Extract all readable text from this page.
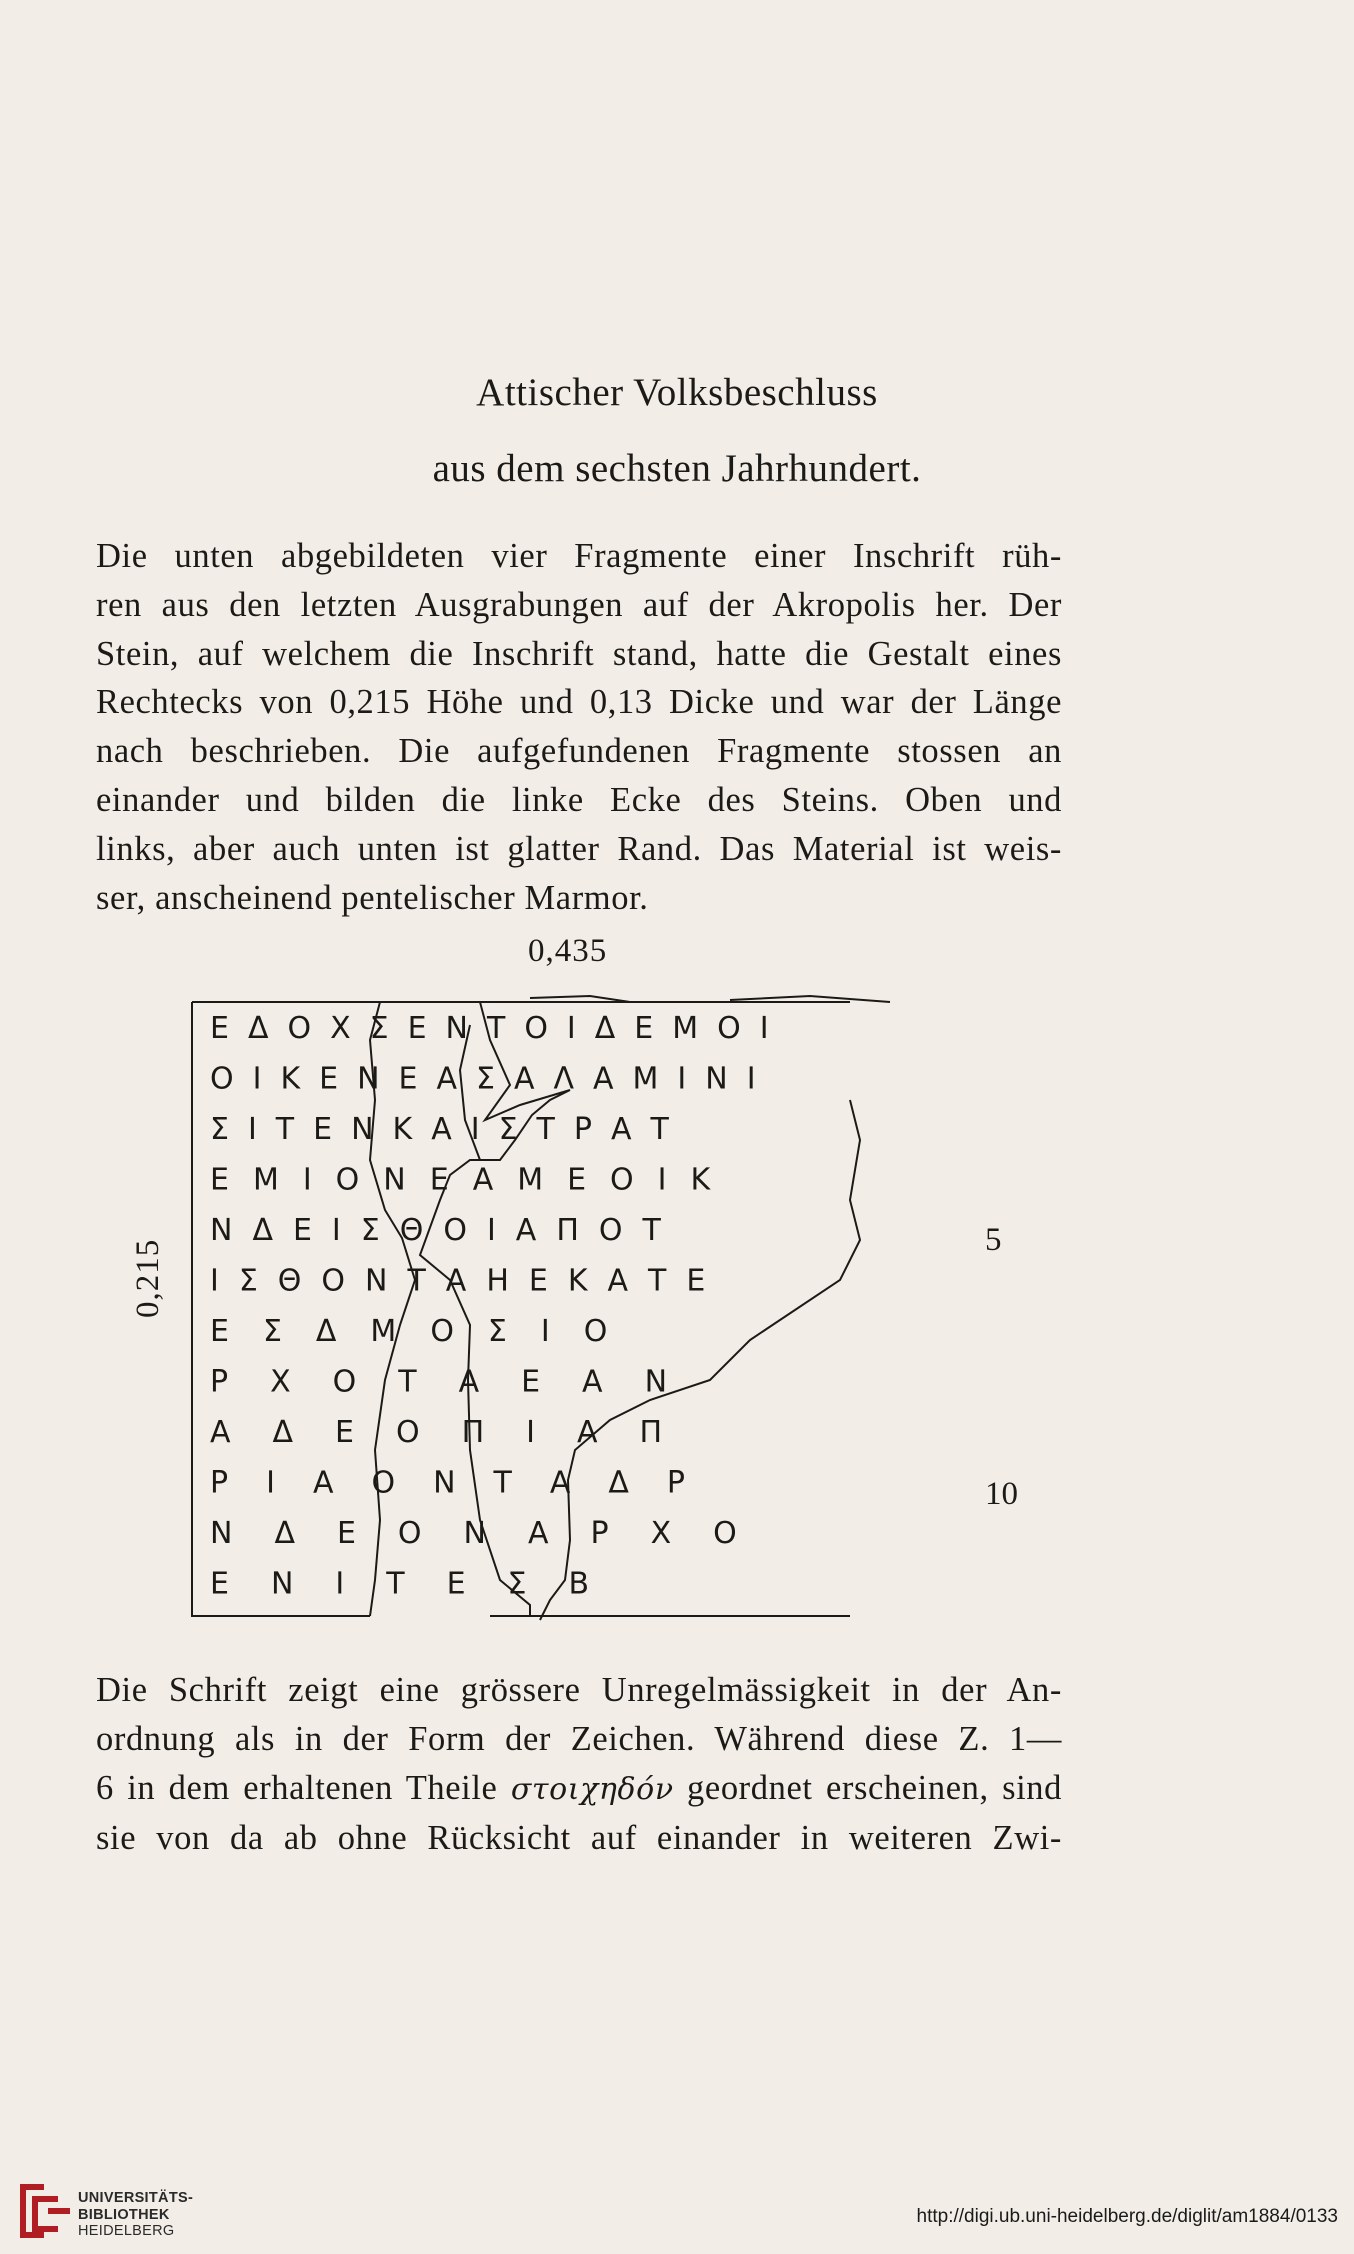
Attischer Volksbeschluss
aus dem sechsten Jahrhundert.
Die unten abgebildeten vier Fragmente einer Inschrift rüh-
ren aus den letzten Ausgrabungen auf der Akropolis her. Der
Stein, auf welchem die Inschrift stand, hatte die Gestalt eines
Rechtecks von 0,215 Höhe und 0,13 Dicke und war der Länge
nach beschrieben. Die aufgefundenen Fragmente stossen an
einander und bilden die linke Ecke des Steins. Oben und
links, aber auch unten ist glatter Rand. Das Material ist weis-
ser, anscheinend pentelischer Marmor.
0,435
0,215
ΕΔΟΧΣΕΝΤΟΙΔΕΜΟΙ
ΟΙΚΕΝΕΑΣΑΛΑΜΙΝΙ
ΣΙΤΕΝΚΑΙΣΤΡΑΤ
ΕΜΙΟΝΕΑΜΕΟΙΚ
ΝΔΕΙΣΘΟΙΑΠΟΤ
ΙΣΘΟΝΤΑΗΕΚΑΤΕ
ΕΣΔΜΟΣΙΟ
ΡΧΟΤΑΕΑΝ
ΑΔΕΟΠΙΑΠ
ΡΙΑΟΝΤΑΔΡ
ΝΔΕΟΝΑΡΧΟ
ΕΝΙΤΕΣΒ
5
10
Die Schrift zeigt eine grössere Unregelmässigkeit in der An-
ordnung als in der Form der Zeichen. Während diese Z. 1—
6 in dem erhaltenen Theile στοιχηδόν geordnet erscheinen, sind
sie von da ab ohne Rücksicht auf einander in weiteren Zwi-
UNIVERSITÄTS-
BIBLIOTHEK
HEIDELBERG
http://digi.ub.uni-heidelberg.de/diglit/am1884/0133
